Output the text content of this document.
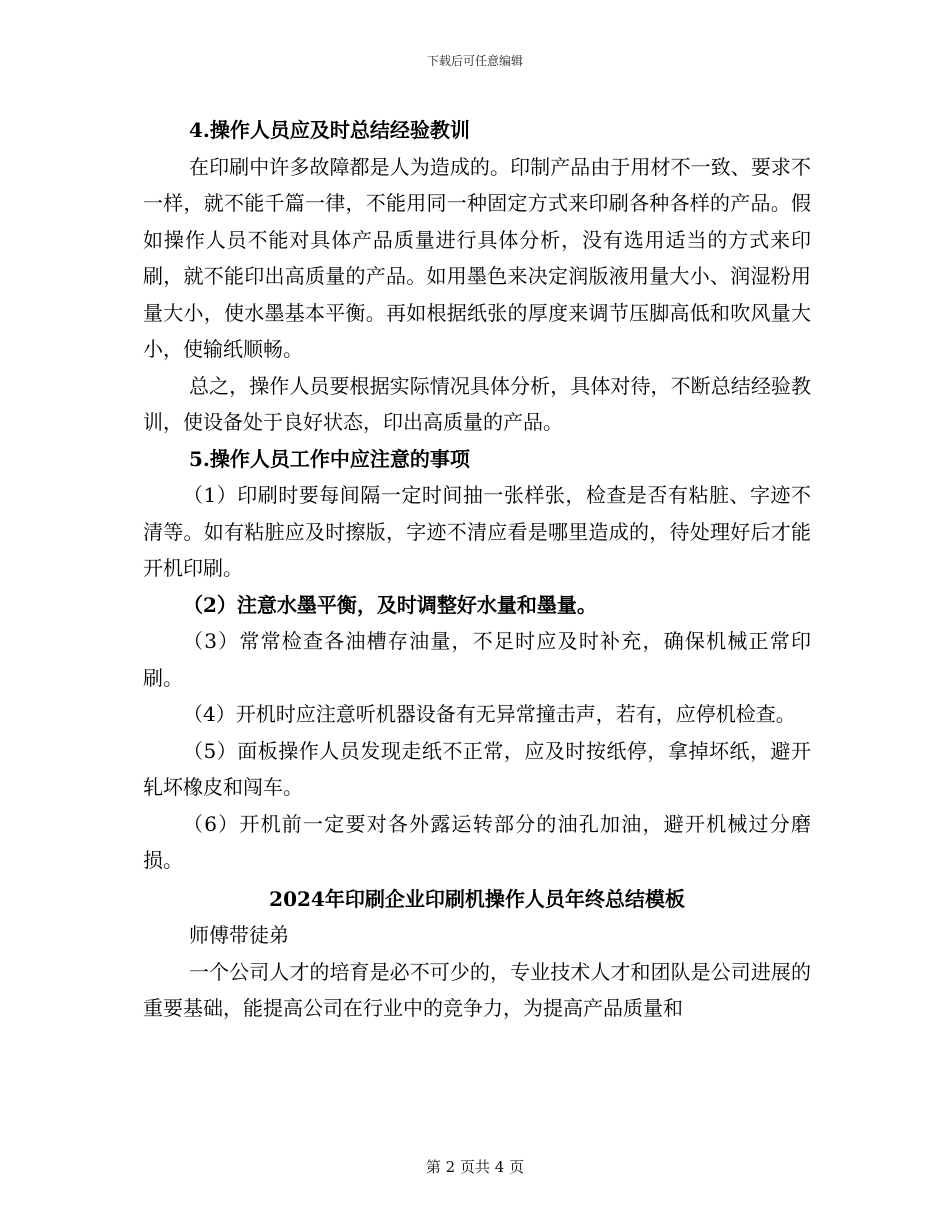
下载后可任意编辑

4.操作人员应及时总结经验教训

在印刷中许多故障都是人为造成的。印制产品由于用材不一致、要求不一样，就不能千篇一律，不能用同一种固定方式来印刷各种各样的产品。假如操作人员不能对具体产品质量进行具体分析，没有选用适当的方式来印刷，就不能印出高质量的产品。如用墨色来决定润版液用量大小、润湿粉用量大小，使水墨基本平衡。再如根据纸张的厚度来调节压脚高低和吹风量大小，使输纸顺畅。

总之，操作人员要根据实际情况具体分析，具体对待，不断总结经验教训，使设备处于良好状态，印出高质量的产品。

5.操作人员工作中应注意的事项

（1）印刷时要每间隔一定时间抽一张样张，检查是否有粘脏、字迹不清等。如有粘脏应及时擦版，字迹不清应看是哪里造成的，待处理好后才能开机印刷。

（2）注意水墨平衡，及时调整好水量和墨量。

（3）常常检查各油槽存油量，不足时应及时补充，确保机械正常印刷。

（4）开机时应注意听机器设备有无异常撞击声，若有，应停机检查。

（5）面板操作人员发现走纸不正常，应及时按纸停，拿掉坏纸，避开轧坏橡皮和闯车。

（6）开机前一定要对各外露运转部分的油孔加油，避开机械过分磨损。

2024年印刷企业印刷机操作人员年终总结模板

师傅带徒弟

一个公司人才的培育是必不可少的，专业技术人才和团队是公司进展的重要基础，能提高公司在行业中的竞争力，为提高产品质量和

第 2 页共 4 页
